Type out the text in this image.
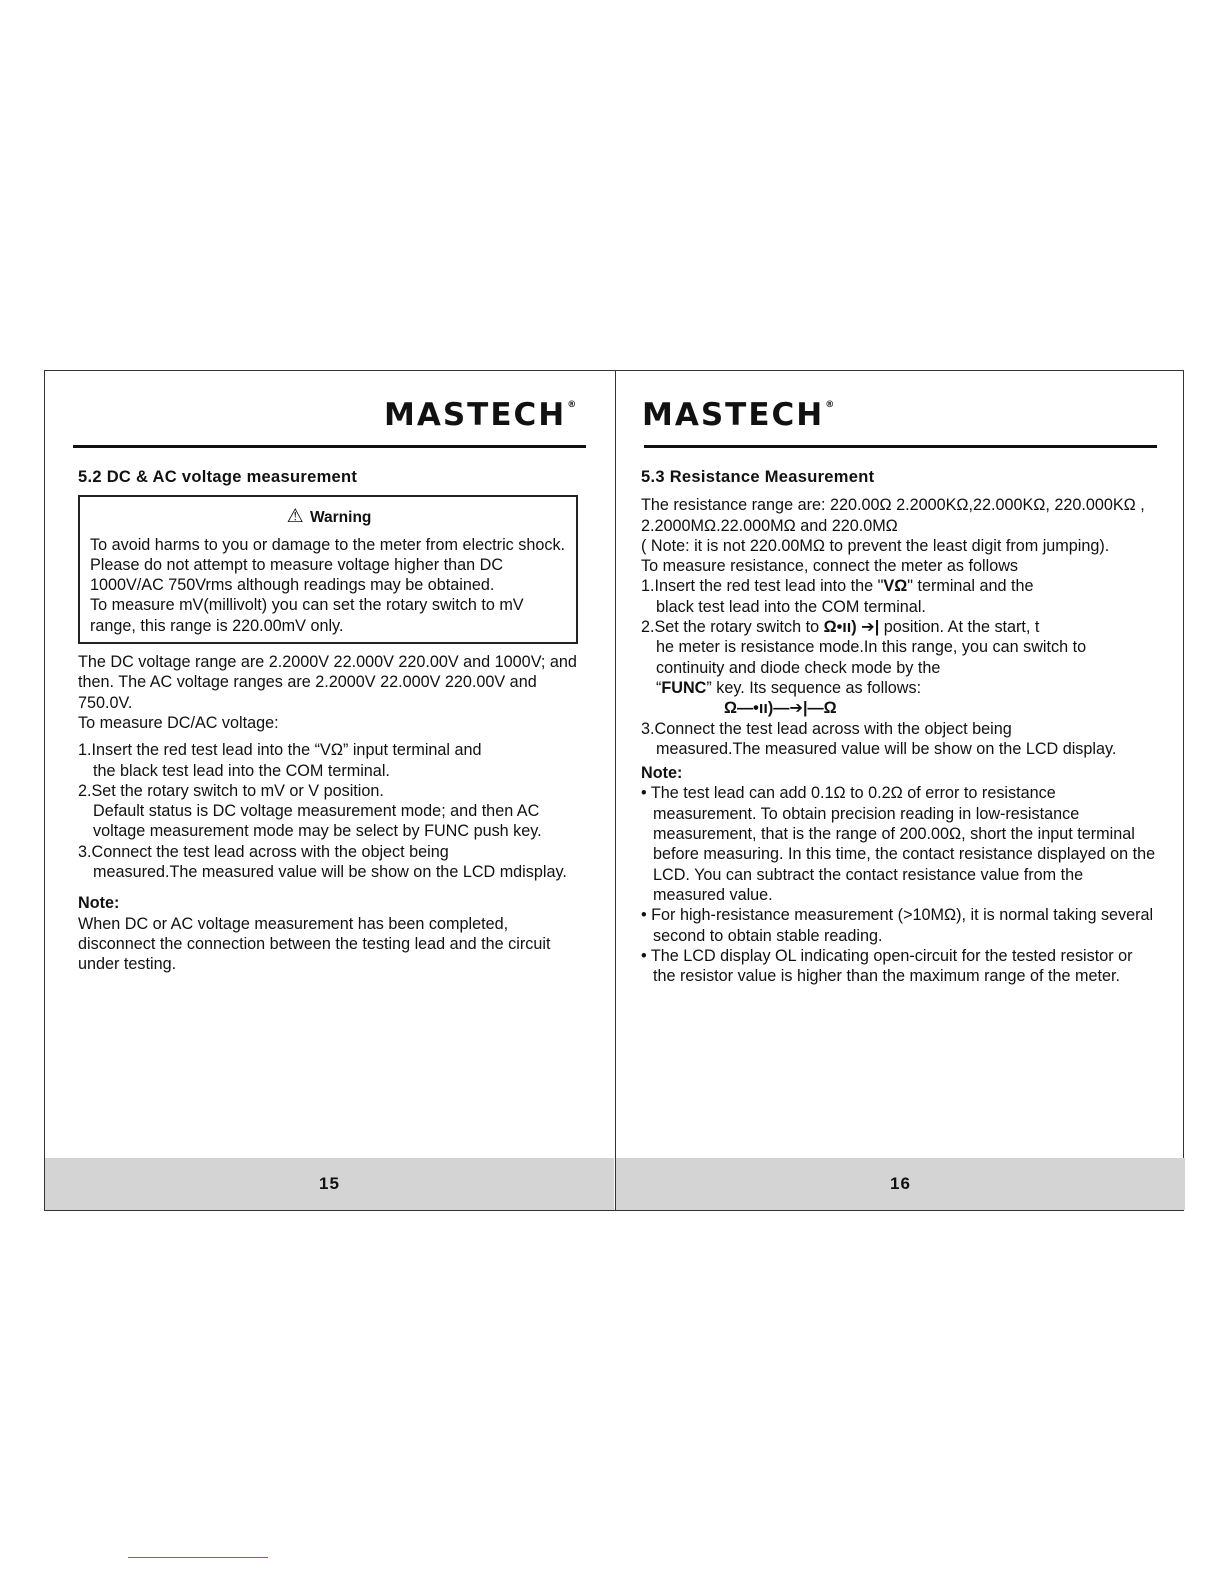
MASTECH®
5.2 DC & AC voltage measurement
⚠ Warning

To avoid harms to you or damage to the meter from electric shock. Please do not attempt to measure voltage higher than DC 1000V/AC 750Vrms although readings may be obtained.

To measure mV(millivolt) you can set the rotary switch to mV range, this range is 220.00mV only.

The DC voltage range are 2.2000V 22.000V 220.00V and 1000V; and then. The AC voltage ranges are 2.2000V 22.000V 220.00V and 750.0V.

To measure DC/AC voltage:

1.Insert the red test lead into the “VΩ” input terminal and

the black test lead into the COM terminal.

2.Set the rotary switch to mV or V position.

Default status is DC voltage measurement mode; and then AC voltage measurement mode may be select by FUNC push key.

3.Connect the test lead across with the object being

measured.The measured value will be show on the LCD mdisplay.

Note:

When DC or AC voltage measurement has been completed, disconnect the connection between the testing lead and the circuit under testing.

15
MASTECH®
5.3 Resistance Measurement

The resistance range are: 220.00Ω 2.2000KΩ,22.000KΩ, 220.000KΩ , 2.2000MΩ.22.000MΩ and 220.0MΩ

( Note: it is not 220.00MΩ to prevent the least digit from jumping).

To measure resistance, connect the meter as follows

1.Insert the red test lead into the "VΩ" terminal and the

black test lead into the COM terminal.

2.Set the rotary switch to Ω•ıı) ➔| position. At the start, t

he meter is resistance mode.In this range, you can switch to continuity and diode check mode by the

“FUNC” key. Its sequence as follows:

Ω—•ıı)—➔|—Ω

3.Connect the test lead across with the object being

measured.The measured value will be show on the LCD display.

Note:

• The test lead can add 0.1Ω to 0.2Ω of error to resistance measurement. To obtain precision reading in low-resistance measurement, that is the range of 200.00Ω, short the input terminal before measuring. In this time, the contact resistance displayed on the LCD. You can subtract the contact resistance value from the measured value.

• For high-resistance measurement (>10MΩ), it is normal taking several second to obtain stable reading.

• The LCD display OL indicating open-circuit for the tested resistor or the resistor value is higher than the maximum range of the meter.

16
